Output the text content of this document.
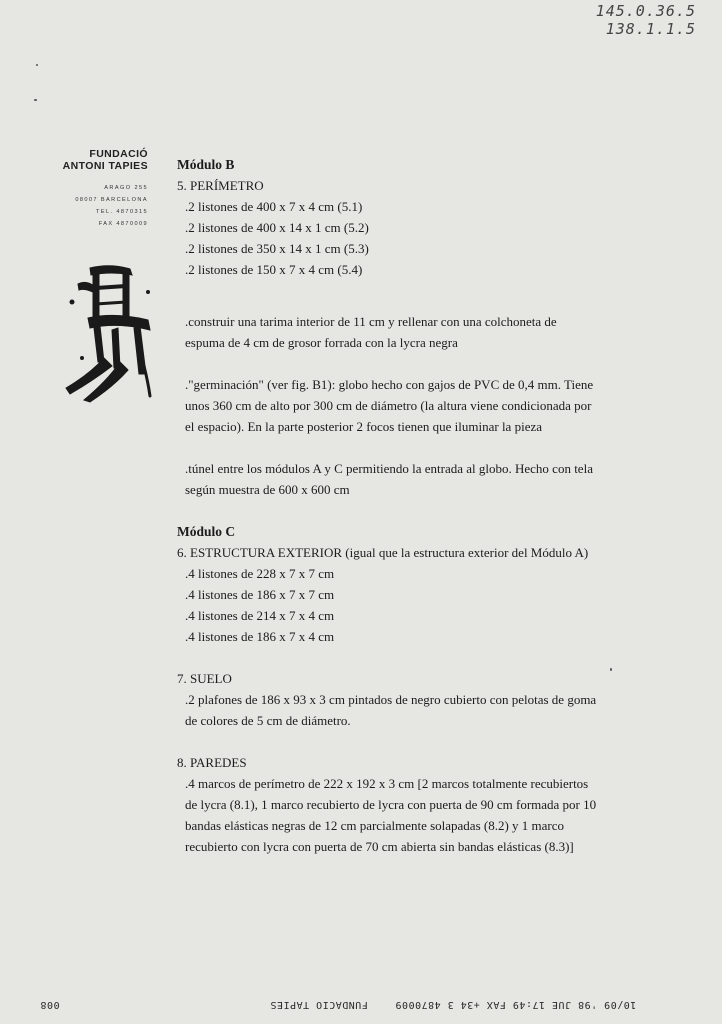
145.0.36.5
138.1.1.5
FUNDACIÓ
ANTONI TAPIES
ARAGO 255
08007 BARCELONA
TEL. 4870315
FAX 4870009

Módulo B

5. PERÍMETRO

.2 listones de 400 x 7 x 4 cm (5.1)

.2 listones de 400 x 14 x 1 cm (5.2)

.2 listones de 350 x 14 x 1 cm (5.3)

.2 listones de 150 x 7 x 4 cm (5.4)

.construir una tarima interior de 11 cm y rellenar con una colchoneta de espuma de 4 cm de grosor forrada con la lycra negra

."germinación" (ver fig. B1): globo hecho con gajos de PVC de 0,4 mm. Tiene unos 360 cm de alto por 300 cm de diámetro (la altura viene condicionada por el espacio). En la parte posterior 2 focos tienen que iluminar la pieza

.túnel entre los módulos A y C permitiendo la entrada al globo. Hecho con tela según muestra de 600 x 600 cm

Módulo C

6. ESTRUCTURA EXTERIOR (igual que la estructura exterior del Módulo A)

.4 listones de 228 x 7 x 7 cm

.4 listones de 186 x 7 x 7 cm

.4 listones de 214 x 7 x 4 cm

.4 listones de 186 x 7 x 4 cm

7. SUELO

.2 plafones de 186 x 93 x 3 cm pintados de negro cubierto con pelotas de goma de colores de 5 cm de diámetro.

8. PAREDES

.4 marcos de perímetro de 222 x 192 x 3 cm [2 marcos totalmente recubiertos de lycra (8.1), 1 marco recubierto de lycra con puerta de 90 cm formada por 10 bandas elásticas negras de 12 cm parcialmente solapadas (8.2) y 1 marco recubierto con lycra con puerta de 70 cm abierta sin bandas elásticas (8.3)]

008	FUNDACIO TAPIES	10/09 '98 JUE 17:49 FAX +34 3 4870009
